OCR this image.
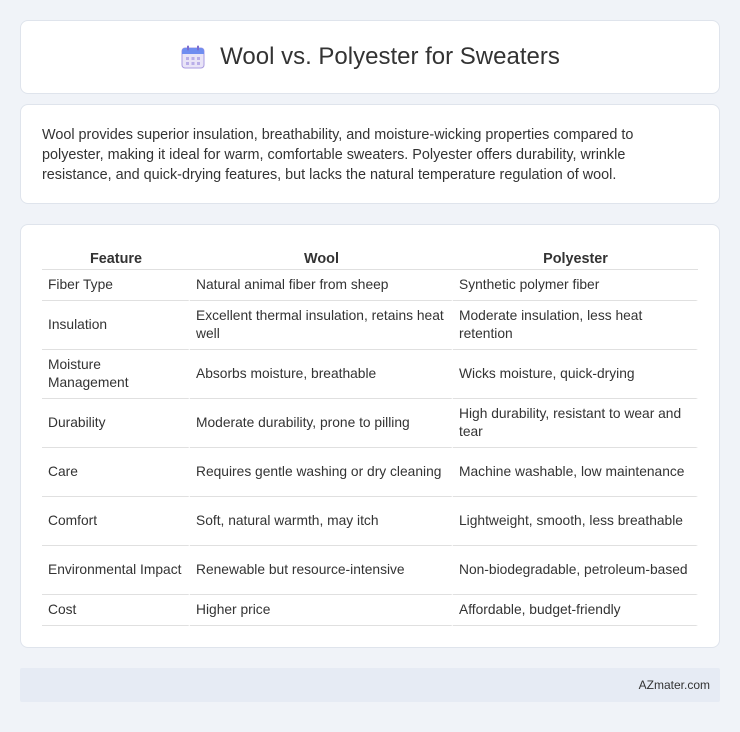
Wool vs. Polyester for Sweaters

Wool provides superior insulation, breathability, and moisture-wicking properties compared to polyester, making it ideal for warm, comfortable sweaters. Polyester offers durability, wrinkle resistance, and quick-drying features, but lacks the natural temperature regulation of wool.

Feature	Wool	Polyester
Fiber Type	Natural animal fiber from sheep	Synthetic polymer fiber
Insulation	Excellent thermal insulation, retains heat well	Moderate insulation, less heat retention
Moisture Management	Absorbs moisture, breathable	Wicks moisture, quick-drying
Durability	Moderate durability, prone to pilling	High durability, resistant to wear and tear
Care	Requires gentle washing or dry cleaning	Machine washable, low maintenance
Comfort	Soft, natural warmth, may itch	Lightweight, smooth, less breathable
Environmental Impact	Renewable but resource-intensive	Non-biodegradable, petroleum-based
Cost	Higher price	Affordable, budget-friendly
AZmater.com
